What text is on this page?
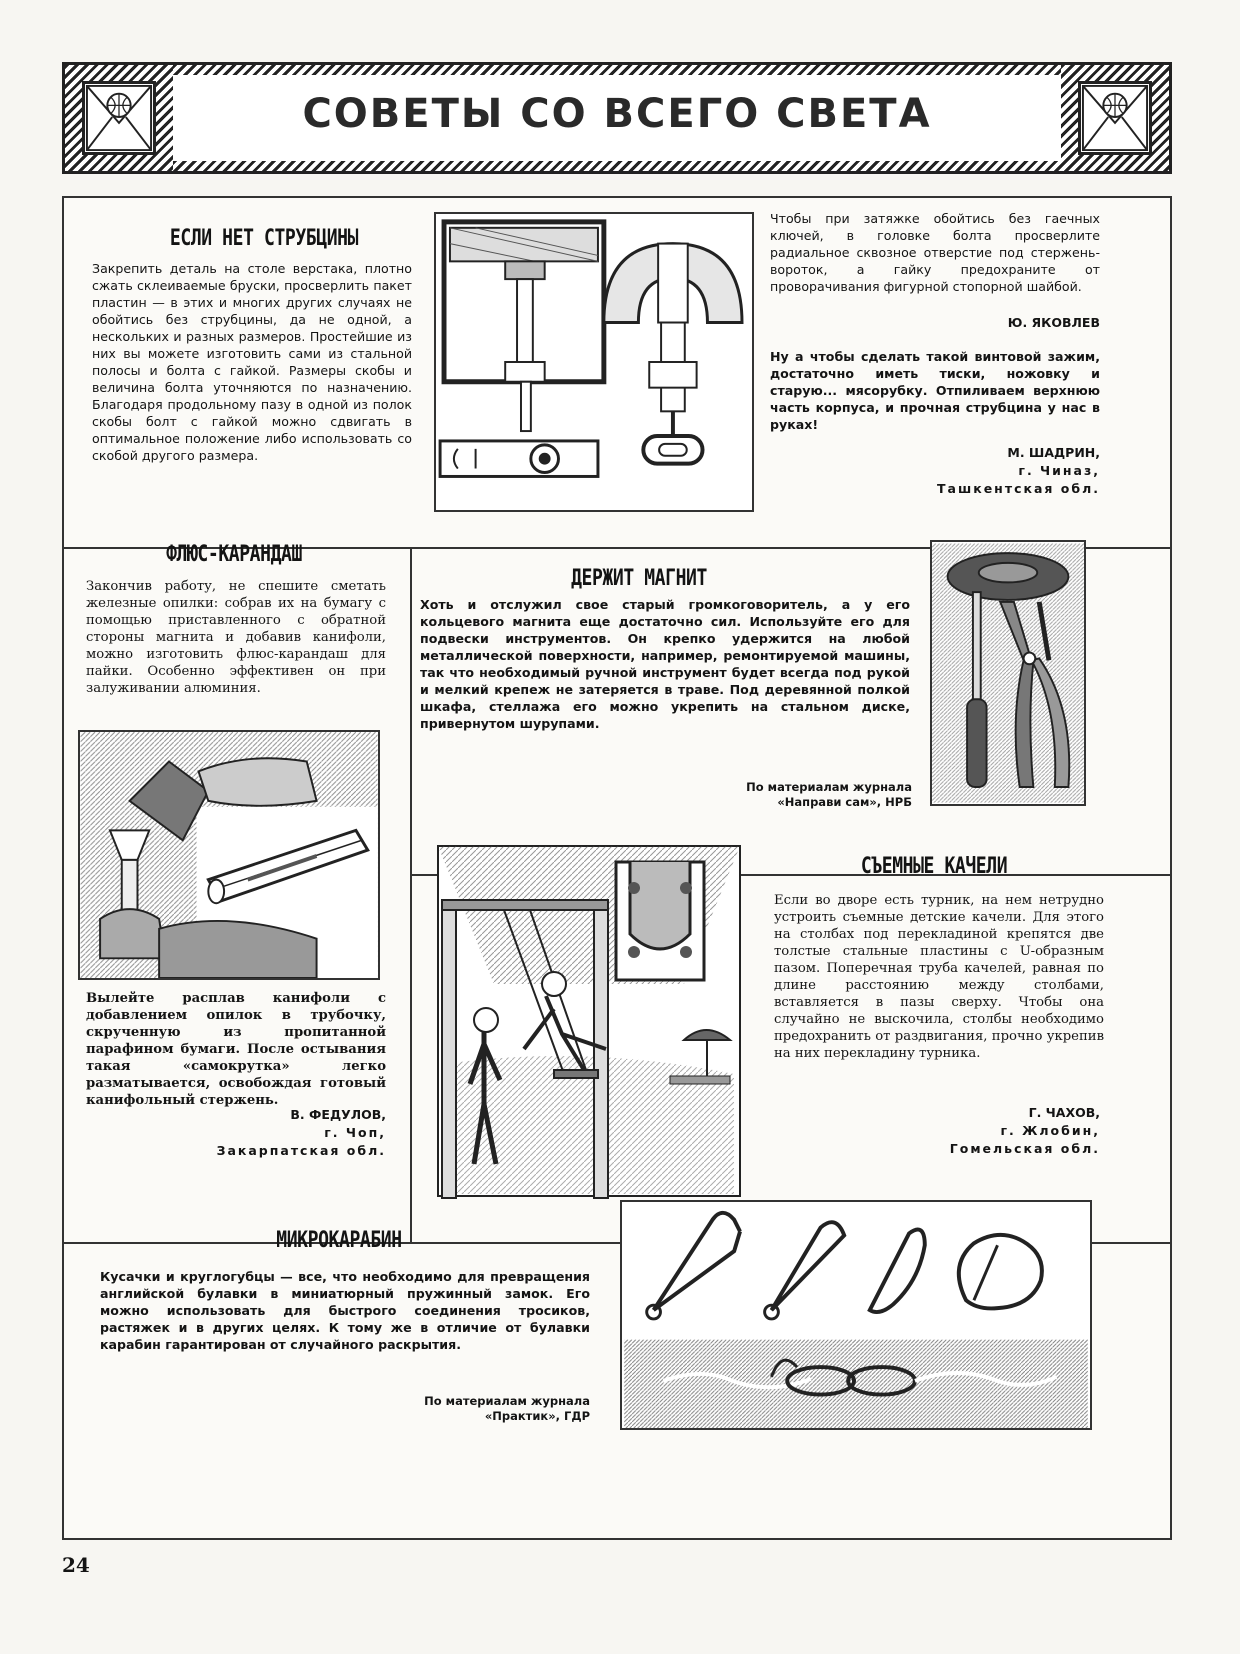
СОВЕТЫ СО ВСЕГО СВЕТА
ЕСЛИ НЕТ СТРУБЦИНЫ

Закрепить деталь на столе верстака, плотно сжать склеиваемые бруски, просверлить пакет пластин — в этих и многих других случаях не обойтись без струбцины, да не одной, а нескольких и разных размеров. Простейшие из них вы можете изготовить сами из стальной полосы и болта с гайкой. Размеры скобы и величина болта уточняются по назначению. Благодаря продольному пазу в одной из полок скобы болт с гайкой можно сдвигать в оптимальное положение либо использовать со скобой другого размера.

Чтобы при затяжке обойтись без гаечных ключей, в головке болта просверлите радиальное сквозное отверстие под стержень-вороток, а гайку предохраните от проворачивания фигурной стопорной шайбой.

Ю. ЯКОВЛЕВ

Ну а чтобы сделать такой винтовой зажим, достаточно иметь тиски, ножовку и старую... мясорубку. Отпиливаем верхнюю часть корпуса, и прочная струбцина у нас в руках!

М. ШАДРИН,
г. Чиназ,
Ташкентская обл.
ФЛЮС-КАРАНДАШ

Закончив работу, не спешите сметать железные опилки: собрав их на бумагу с помощью приставленного с обратной стороны магнита и добавив канифоли, можно изготовить флюс-карандаш для пайки. Особенно эффективен он при залуживании алюминия.

Вылейте расплав канифоли с добавлением опилок в трубочку, скрученную из пропитанной парафином бумаги. После остывания такая «самокрутка» легко разматывается, освобождая готовый канифольный стержень.

В. ФЕДУЛОВ,
г. Чоп,
Закарпатская обл.
ДЕРЖИТ МАГНИТ

Хоть и отслужил свое старый громкоговоритель, а у его кольцевого магнита еще достаточно сил. Используйте его для подвески инструментов. Он крепко удержится на любой металлической поверхности, например, ремонтируемой машины, так что необходимый ручной инструмент будет всегда под рукой и мелкий крепеж не затеряется в траве. Под деревянной полкой шкафа, стеллажа его можно укрепить на стальном диске, привернутом шурупами.

По материалам журнала
«Направи сам», НРБ
СЪЕМНЫЕ КАЧЕЛИ

Если во дворе есть турник, на нем нетрудно устроить съемные детские качели. Для этого на столбах под перекладиной крепятся две толстые стальные пластины с U-образным пазом. Поперечная труба качелей, равная по длине расстоянию между столбами, вставляется в пазы сверху. Чтобы она случайно не выскочила, столбы необходимо предохранить от раздвигания, прочно укрепив на них перекладину турника.

Г. ЧАХОВ,
г. Жлобин,
Гомельская обл.
МИКРОКАРАБИН

Кусачки и круглогубцы — все, что необходимо для превращения английской булавки в миниатюрный пружинный замок. Его можно использовать для быстрого соединения тросиков, растяжек и в других целях. К тому же в отличие от булавки карабин гарантирован от случайного раскрытия.

По материалам журнала
«Практик», ГДР
24
